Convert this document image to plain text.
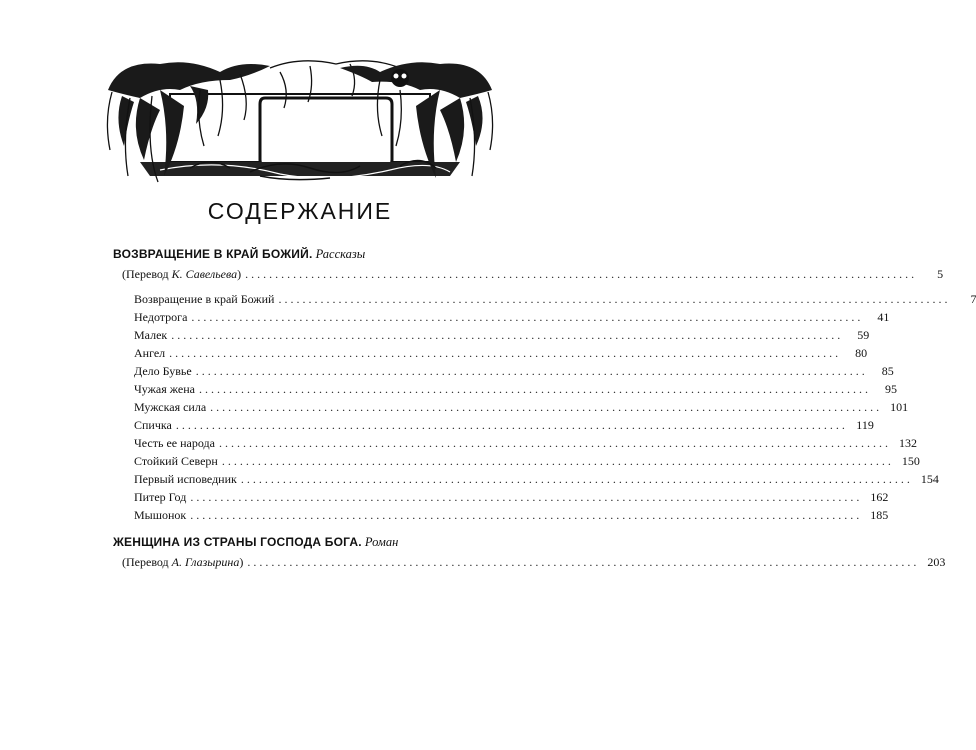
СОДЕРЖАНИЕ
ВОЗВРАЩЕНИЕ В КРАЙ БОЖИЙ. Рассказы
(Перевод К. Савельева) ................................................................................................................	5
Возвращение в край Божий ................................................................................................................	7
Недотрога ................................................................................................................	41
Малек ................................................................................................................	59
Ангел ................................................................................................................	80
Дело Бувье ................................................................................................................	85
Чужая жена ................................................................................................................	95
Мужская сила ................................................................................................................ 101
Спичка ................................................................................................................ 119
Честь ее народа ................................................................................................................ 132
Стойкий Северн ................................................................................................................ 150
Первый исповедник ................................................................................................................ 154
Питер Год ................................................................................................................ 162
Мышонок ................................................................................................................ 185
ЖЕНЩИНА ИЗ СТРАНЫ ГОСПОДА БОГА. Роман
(Перевод А. Глазырина) ................................................................................................................ 203
